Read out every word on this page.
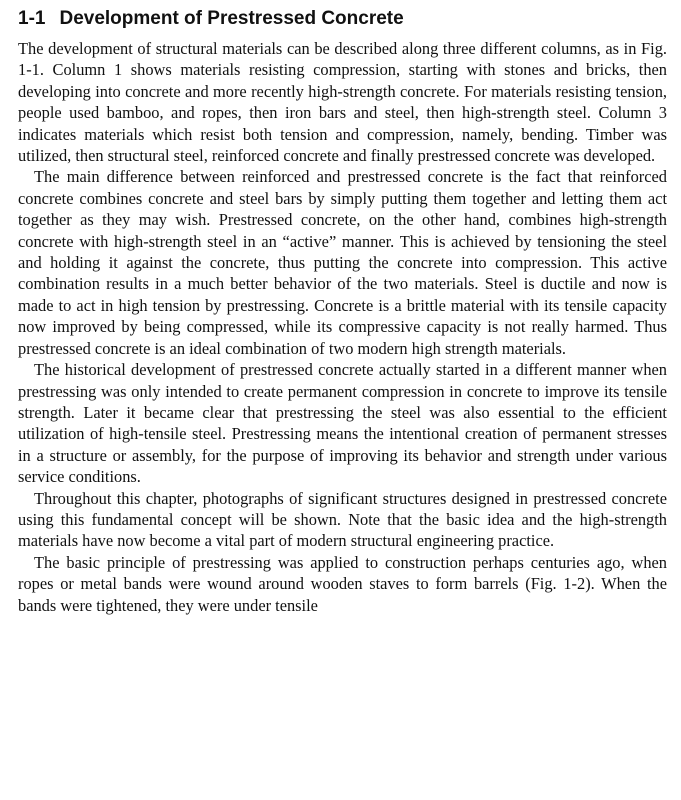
1-1 Development of Prestressed Concrete

The development of structural materials can be described along three different columns, as in Fig. 1-1. Column 1 shows materials resisting compression, starting with stones and bricks, then developing into concrete and more recently high-strength concrete. For materials resisting tension, people used bamboo, and ropes, then iron bars and steel, then high-strength steel. Column 3 indicates materials which resist both tension and compression, namely, bending. Timber was utilized, then structural steel, reinforced concrete and finally prestressed concrete was developed.

The main difference between reinforced and prestressed concrete is the fact that reinforced concrete combines concrete and steel bars by simply putting them together and letting them act together as they may wish. Prestressed concrete, on the other hand, combines high-strength concrete with high-strength steel in an “active” manner. This is achieved by tensioning the steel and holding it against the concrete, thus putting the concrete into compression. This active combination results in a much better behavior of the two materials. Steel is ductile and now is made to act in high tension by prestressing. Concrete is a brittle material with its tensile capacity now improved by being compressed, while its compressive capacity is not really harmed. Thus prestressed concrete is an ideal combination of two modern high strength materials.

The historical development of prestressed concrete actually started in a different manner when prestressing was only intended to create permanent compression in concrete to improve its tensile strength. Later it became clear that prestressing the steel was also essential to the efficient utilization of high-tensile steel. Prestressing means the intentional creation of permanent stresses in a structure or assembly, for the purpose of improving its behavior and strength under various service conditions.

Throughout this chapter, photographs of significant structures designed in prestressed concrete using this fundamental concept will be shown. Note that the basic idea and the high-strength materials have now become a vital part of modern structural engineering practice.

The basic principle of prestressing was applied to construction perhaps centuries ago, when ropes or metal bands were wound around wooden staves to form barrels (Fig. 1-2). When the bands were tightened, they were under tensile
